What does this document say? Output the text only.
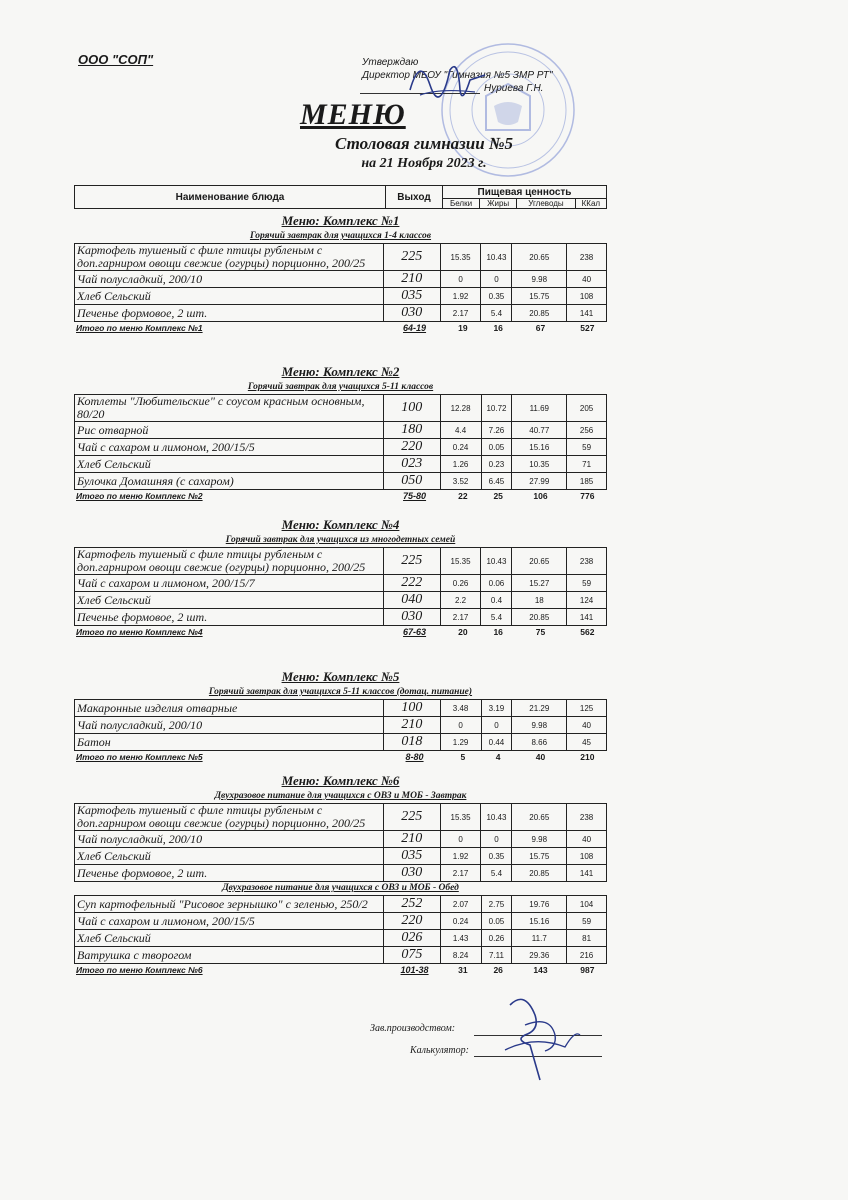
ООО "СОП"	Утверждаю
Директор МБОУ "Гимназия №5 ЗМР РТ"
Нуриева Г.Н.
МЕНЮ
Столовая гимназии №5
на 21 Ноября 2023 г.
Наименование блюда	Выход	Пищевая ценность			
		Белки	Жиры	Углеводы	ККал
Меню: Комплекс №1
Горячий завтрак для учащихся 1-4 классов
Картофель тушеный с филе птицы рубленым с доп.гарниром овощи свежие (огурцы) порционно, 200/25	225	15.35	10.43	20.65	238
Чай полусладкий, 200/10	210	0	0	9.98	40
Хлеб Сельский	035	1.92	0.35	15.75	108
Печенье формовое, 2 шт.	030	2.17	5.4	20.85	141
Итого по меню Комплекс №1	64-19	19	16	67	527
Меню: Комплекс №2
Горячий завтрак для учащихся 5-11 классов
Котлеты "Любительские" с соусом красным основным, 80/20	100	12.28	10.72	11.69	205
Рис отварной	180	4.4	7.26	40.77	256
Чай с сахаром и лимоном, 200/15/5	220	0.24	0.05	15.16	59
Хлеб Сельский	023	1.26	0.23	10.35	71
Булочка Домашняя (с сахаром)	050	3.52	6.45	27.99	185
Итого по меню Комплекс №2	75-80	22	25	106	776
Меню: Комплекс №4
Горячий завтрак для учащихся из многодетных семей
Картофель тушеный с филе птицы рубленым с доп.гарниром овощи свежие (огурцы) порционно, 200/25	225	15.35	10.43	20.65	238
Чай с сахаром и лимоном, 200/15/7	222	0.26	0.06	15.27	59
Хлеб Сельский	040	2.2	0.4	18	124
Печенье формовое, 2 шт.	030	2.17	5.4	20.85	141
Итого по меню Комплекс №4	67-63	20	16	75	562
Меню: Комплекс №5
Горячий завтрак для учащихся 5-11 классов (дотац. питание)
Макаронные изделия отварные	100	3.48	3.19	21.29	125
Чай полусладкий, 200/10	210	0	0	9.98	40
Батон	018	1.29	0.44	8.66	45
Итого по меню Комплекс №5	8-80	5	4	40	210
Меню: Комплекс №6
Двухразовое питание для учащихся с ОВЗ и МОБ - Завтрак
Картофель тушеный с филе птицы рубленым с доп.гарниром овощи свежие (огурцы) порционно, 200/25	225	15.35	10.43	20.65	238
Чай полусладкий, 200/10	210	0	0	9.98	40
Хлеб Сельский	035	1.92	0.35	15.75	108
Печенье формовое, 2 шт.	030	2.17	5.4	20.85	141
Двухразовое питание для учащихся с ОВЗ и МОБ - Обед
Суп картофельный "Рисовое зернышко" с зеленью, 250/2	252	2.07	2.75	19.76	104
Чай с сахаром и лимоном, 200/15/5	220	0.24	0.05	15.16	59
Хлеб Сельский	026	1.43	0.26	11.7	81
Ватрушка с творогом	075	8.24	7.11	29.36	216
Итого по меню Комплекс №6	101-38	31	26	143	987
Зав.производством:
Калькулятор:
